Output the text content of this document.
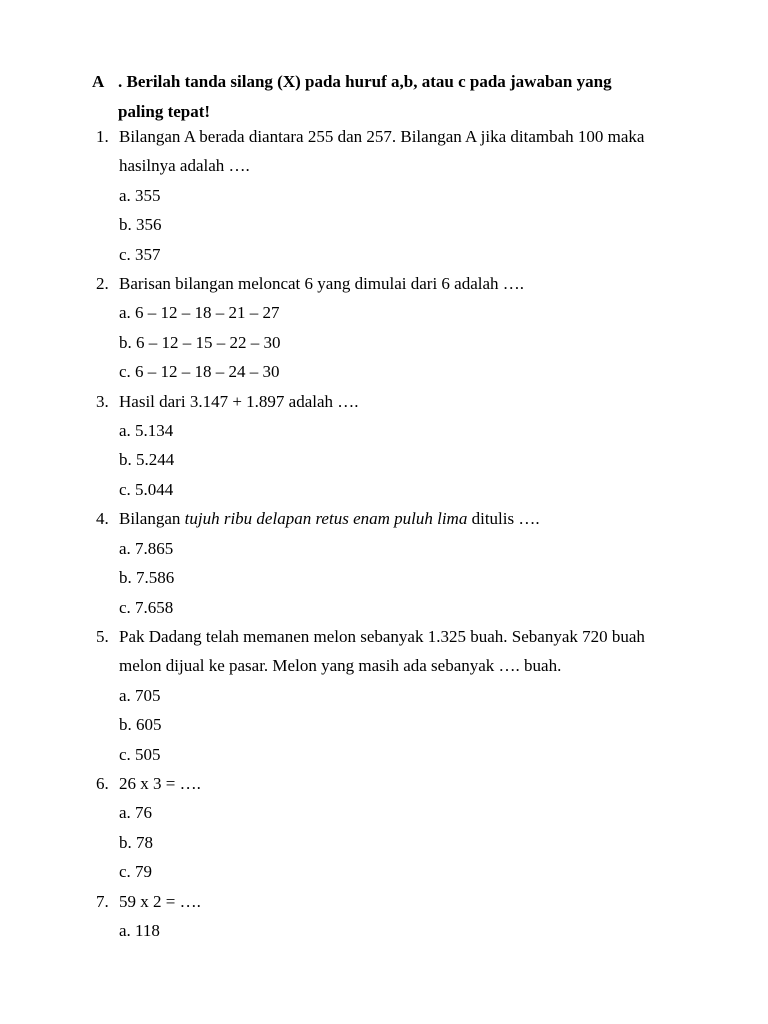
A . Berilah tanda silang (X) pada huruf a,b, atau c pada jawaban yang
paling tepat!
1. Bilangan A berada diantara 255 dan 257. Bilangan A jika ditambah 100 maka
hasilnya adalah ….
a. 355
b. 356
c. 357
2. Barisan bilangan meloncat 6 yang dimulai dari 6 adalah ….
a. 6 – 12 – 18 – 21 – 27
b. 6 – 12 – 15 – 22 – 30
c. 6 – 12 – 18 – 24 – 30
3. Hasil dari 3.147 + 1.897 adalah ….
a. 5.134
b. 5.244
c. 5.044
4. Bilangan tujuh ribu delapan retus enam puluh lima ditulis ….
a. 7.865
b. 7.586
c. 7.658
5. Pak Dadang telah memanen melon sebanyak 1.325 buah. Sebanyak 720 buah
melon dijual ke pasar. Melon yang masih ada sebanyak …. buah.
a. 705
b. 605
c. 505
6. 26 x 3 = ….
a. 76
b. 78
c. 79
7. 59 x 2 = ….
a. 118
